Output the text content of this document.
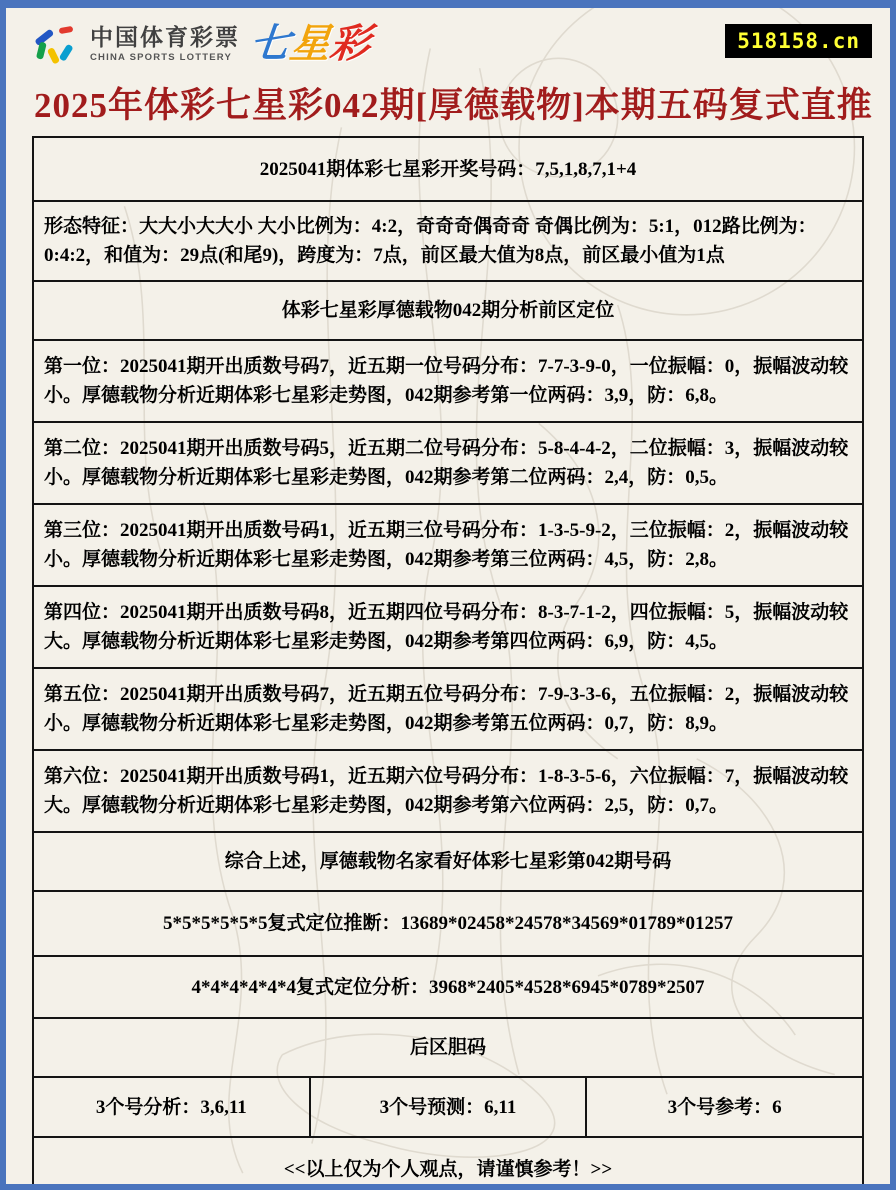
中国体育彩票
CHINA SPORTS LOTTERY 七星彩	518158.cn
2025年体彩七星彩042期[厚德载物]本期五码复式直推
2025041期体彩七星彩开奖号码：7,5,1,8,7,1+4
形态特征：大大小大大小 大小比例为：4:2，奇奇奇偶奇奇 奇偶比例为：5:1，012路比例为：0:4:2，和值为：29点(和尾9)，跨度为：7点，前区最大值为8点，前区最小值为1点
体彩七星彩厚德载物042期分析前区定位
第一位：2025041期开出质数号码7，近五期一位号码分布：7-7-3-9-0，一位振幅：0，振幅波动较小。厚德载物分析近期体彩七星彩走势图，042期参考第一位两码：3,9，防：6,8。
第二位：2025041期开出质数号码5，近五期二位号码分布：5-8-4-4-2，二位振幅：3，振幅波动较小。厚德载物分析近期体彩七星彩走势图，042期参考第二位两码：2,4，防：0,5。
第三位：2025041期开出质数号码1，近五期三位号码分布：1-3-5-9-2，三位振幅：2，振幅波动较小。厚德载物分析近期体彩七星彩走势图，042期参考第三位两码：4,5，防：2,8。
第四位：2025041期开出质数号码8，近五期四位号码分布：8-3-7-1-2，四位振幅：5，振幅波动较大。厚德载物分析近期体彩七星彩走势图，042期参考第四位两码：6,9，防：4,5。
第五位：2025041期开出质数号码7，近五期五位号码分布：7-9-3-3-6，五位振幅：2，振幅波动较小。厚德载物分析近期体彩七星彩走势图，042期参考第五位两码：0,7，防：8,9。
第六位：2025041期开出质数号码1，近五期六位号码分布：1-8-3-5-6，六位振幅：7，振幅波动较大。厚德载物分析近期体彩七星彩走势图，042期参考第六位两码：2,5，防：0,7。
综合上述，厚德载物名家看好体彩七星彩第042期号码
5*5*5*5*5*5复式定位推断：13689*02458*24578*34569*01789*01257
4*4*4*4*4*4复式定位分析：3968*2405*4528*6945*0789*2507
后区胆码
3个号分析：3,6,11	3个号预测：6,11	3个号参考：6
<<以上仅为个人观点，请谨慎参考！>>
